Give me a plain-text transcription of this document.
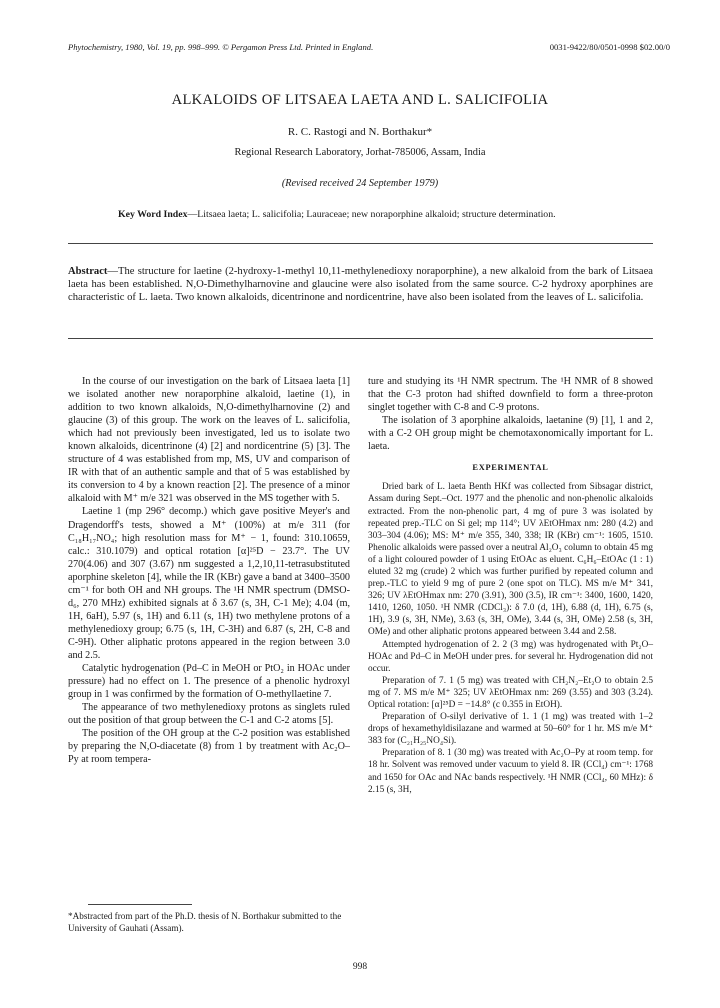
Phytochemistry, 1980, Vol. 19, pp. 998–999. © Pergamon Press Ltd. Printed in England.	0031-9422/80/0501-0998 $02.00/0
ALKALOIDS OF LITSAEA LAETA AND L. SALICIFOLIA
R. C. Rastogi and N. Borthakur*
Regional Research Laboratory, Jorhat-785006, Assam, India
(Revised received 24 September 1979)
Key Word Index—Litsaea laeta; L. salicifolia; Lauraceae; new noraporphine alkaloid; structure determination.
Abstract—The structure for laetine (2-hydroxy-1-methyl 10,11-methylenedioxy noraporphine), a new alkaloid from the bark of Litsaea laeta has been established. N,O-Dimethylharnovine and glaucine were also isolated from the same source. C-2 hydroxy aporphines are characteristic of L. laeta. Two known alkaloids, dicentrinone and nordicentrine, have also been isolated from the leaves of L. salicifolia.

In the course of our investigation on the bark of Litsaea laeta [1] we isolated another new noraporphine alkaloid, laetine (1), in addition to two known alkaloids, N,O-dimethylharnovine (2) and glaucine (3) of this group. The work on the leaves of L. salicifolia, which had not previously been investigated, led us to isolate two known alkaloids, dicentrinone (4) [2] and nordicentrine (5) [3]. The structure of 4 was established from mp, MS, UV and comparison of IR with that of an authentic sample and that of 5 was established by its conversion to 4 by a known reaction [2]. The presence of a minor alkaloid with M⁺ m/e 321 was observed in the MS together with 5.

Laetine 1 (mp 296° decomp.) which gave positive Meyer's and Dragendorff's tests, showed a M⁺ (100%) at m/e 311 (for C₁₈H₁₇NO₄; high resolution mass for M⁺ − 1, found: 310.10659, calc.: 310.1079) and optical rotation [α]²⁵D − 23.7°. The UV 270(4.06) and 307 (3.67) nm suggested a 1,2,10,11-tetrasubstituted aporphine skeleton [4], while the IR (KBr) gave a band at 3400–3500 cm⁻¹ for both OH and NH groups. The ¹H NMR spectrum (DMSO-d₆, 270 MHz) exhibited signals at δ 3.67 (s, 3H, C-1 Me); 4.04 (m, 1H, 6aH), 5.97 (s, 1H) and 6.11 (s, 1H) two methylene protons of a methylenedioxy group; 6.75 (s, 1H, C-3H) and 6.87 (s, 2H, C-8 and C-9H). Other aliphatic protons appeared in the region between 3.0 and 2.5.

Catalytic hydrogenation (Pd–C in MeOH or PtO₂ in HOAc under pressure) had no effect on 1. The presence of a phenolic hydroxyl group in 1 was confirmed by the formation of O-methyllaetine 7.

The appearance of two methylenedioxy protons as singlets ruled out the position of that group between the C-1 and C-2 atoms [5].

The position of the OH group at the C-2 position was established by preparing the N,O-diacetate (8) from 1 by treatment with Ac₂O–Py at room tempera-

*Abstracted from part of the Ph.D. thesis of N. Borthakur submitted to the University of Gauhati (Assam).

ture and studying its ¹H NMR spectrum. The ¹H NMR of 8 showed that the C-3 proton had shifted downfield to form a three-proton singlet together with C-8 and C-9 protons.

The isolation of 3 aporphine alkaloids, laetanine (9) [1], 1 and 2, with a C-2 OH group might be chemotaxonomically important for L. laeta.

EXPERIMENTAL

Dried bark of L. laeta Benth HKf was collected from Sibsagar district, Assam during Sept.–Oct. 1977 and the phenolic and non-phenolic alkaloids extracted. From the non-phenolic part, 4 mg of pure 3 was isolated by repeated prep.-TLC on Si gel; mp 114°; UV λEtOHmax nm: 280 (4.2) and 303–304 (4.06); MS: M⁺ m/e 355, 340, 338; IR (KBr) cm⁻¹: 1605, 1510. Phenolic alkaloids were passed over a neutral Al₂O₃ column to obtain 45 mg of a light coloured powder of 1 using EtOAc as eluent. C₆H₆–EtOAc (1 : 1) eluted 32 mg (crude) 2 which was further purified by repeated column and prep.-TLC to yield 9 mg of pure 2 (one spot on TLC). MS m/e M⁺ 341, 326; UV λEtOHmax nm: 270 (3.91), 300 (3.5), IR cm⁻¹: 3400, 1600, 1420, 1410, 1260, 1050. ¹H NMR (CDCl₃): δ 7.0 (d, 1H), 6.88 (d, 1H), 6.75 (s, 1H), 3.9 (s, 3H, NMe), 3.63 (s, 3H, OMe), 3.44 (s, 3H, OMe) 2.58 (s, 3H, OMe) and other aliphatic protons appeared between 3.44 and 2.58.

Attempted hydrogenation of 2. 2 (3 mg) was hydrogenated with Pt₂O–HOAc and Pd–C in MeOH under pres. for several hr. Hydrogenation did not occur.

Preparation of 7. 1 (5 mg) was treated with CH₂N₂–Et₂O to obtain 2.5 mg of 7. MS m/e M⁺ 325; UV λEtOHmax nm: 269 (3.55) and 303 (3.24). Optical rotation: [α]²⁵D = −14.8° (c 0.355 in EtOH).

Preparation of O-silyl derivative of 1. 1 (1 mg) was treated with 1–2 drops of hexamethyldisilazane and warmed at 50–60° for 1 hr. MS m/e M⁺ 383 for (C₂₁H₂₅NO₄Si).

Preparation of 8. 1 (30 mg) was treated with Ac₂O–Py at room temp. for 18 hr. Solvent was removed under vacuum to yield 8. IR (CCl₄) cm⁻¹: 1768 and 1650 for OAc and NAc bands respectively. ¹H NMR (CCl₄, 60 MHz): δ 2.15 (s, 3H,

998
